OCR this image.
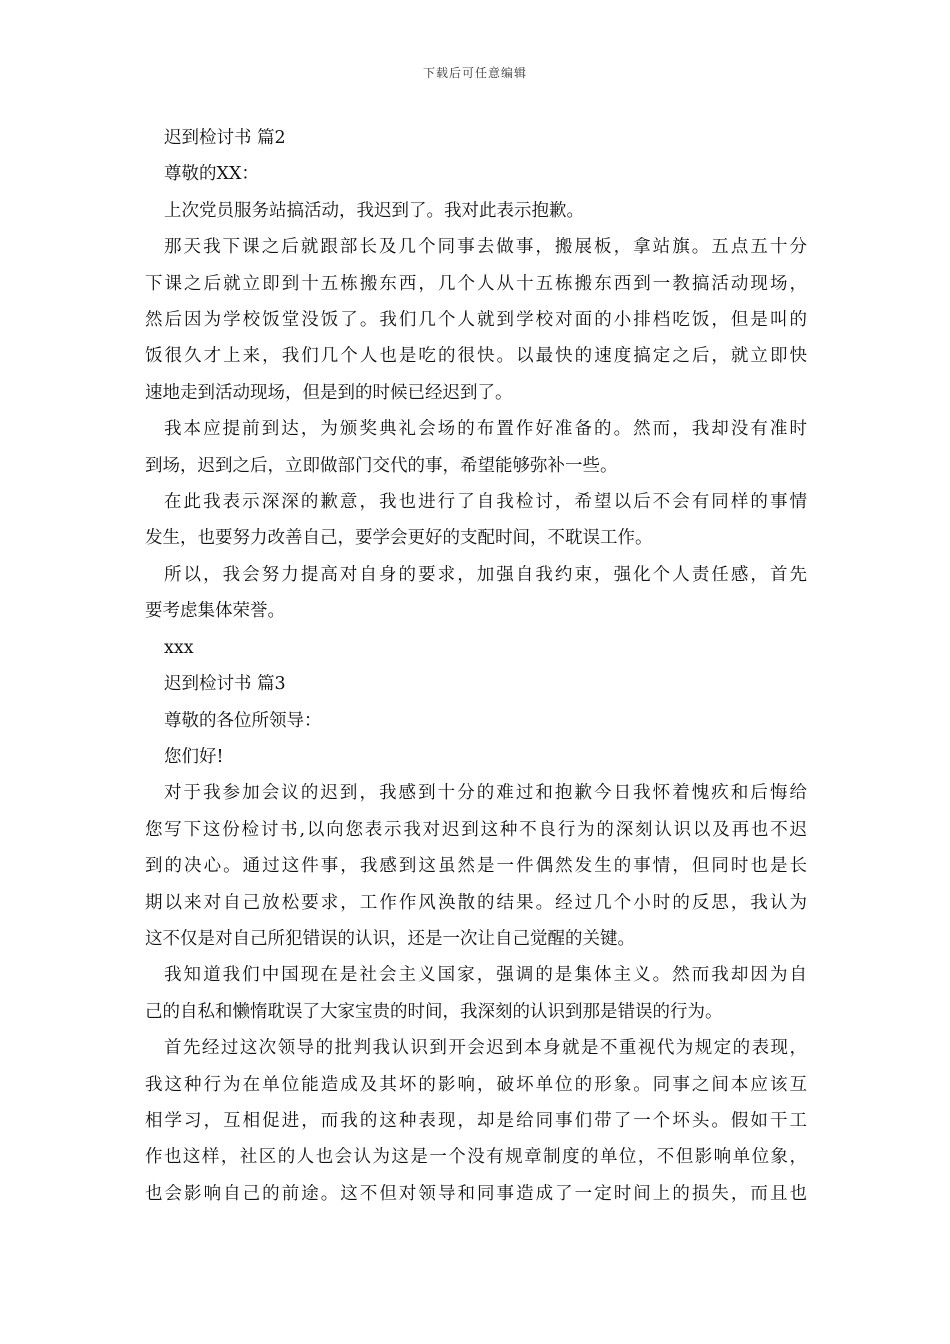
下载后可任意编辑

迟到检讨书 篇2

尊敬的XX：

上次党员服务站搞活动，我迟到了。我对此表示抱歉。

那天我下课之后就跟部长及几个同事去做事，搬展板，拿站旗。五点五十分

下课之后就立即到十五栋搬东西，几个人从十五栋搬东西到一教搞活动现场，

然后因为学校饭堂没饭了。我们几个人就到学校对面的小排档吃饭，但是叫的

饭很久才上来，我们几个人也是吃的很快。以最快的速度搞定之后，就立即快

速地走到活动现场，但是到的时候已经迟到了。

我本应提前到达，为颁奖典礼会场的布置作好准备的。然而，我却没有准时

到场，迟到之后，立即做部门交代的事，希望能够弥补一些。

在此我表示深深的歉意，我也进行了自我检讨，希望以后不会有同样的事情

发生，也要努力改善自己，要学会更好的支配时间，不耽误工作。

所以，我会努力提高对自身的要求，加强自我约束，强化个人责任感，首先

要考虑集体荣誉。

xxx

迟到检讨书 篇3

尊敬的各位所领导：

您们好!

对于我参加会议的迟到，我感到十分的难过和抱歉今日我怀着愧疚和后悔给

您写下这份检讨书,以向您表示我对迟到这种不良行为的深刻认识以及再也不迟

到的决心。通过这件事，我感到这虽然是一件偶然发生的事情，但同时也是长

期以来对自己放松要求，工作作风涣散的结果。经过几个小时的反思，我认为

这不仅是对自己所犯错误的认识，还是一次让自己觉醒的关键。

我知道我们中国现在是社会主义国家，强调的是集体主义。然而我却因为自

己的自私和懒惰耽误了大家宝贵的时间，我深刻的认识到那是错误的行为。

首先经过这次领导的批判我认识到开会迟到本身就是不重视代为规定的表现，

我这种行为在单位能造成及其坏的影响，破坏单位的形象。同事之间本应该互

相学习，互相促进，而我的这种表现，却是给同事们带了一个坏头。假如干工

作也这样，社区的人也会认为这是一个没有规章制度的单位，不但影响单位象，

也会影响自己的前途。这不但对领导和同事造成了一定时间上的损失，而且也
